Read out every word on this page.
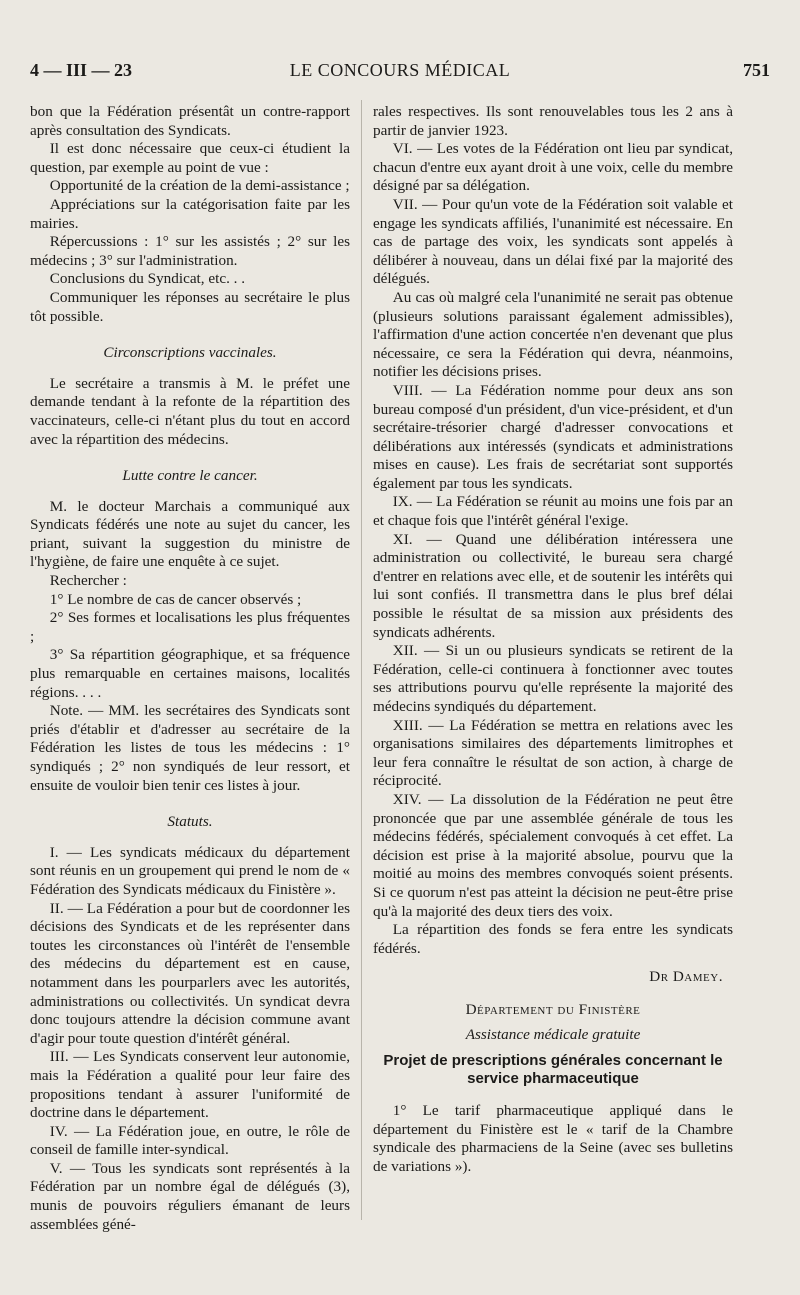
4 — III — 23	LE CONCOURS MÉDICAL	751

bon que la Fédération présentât un contre-rapport après consultation des Syndicats.

Il est donc nécessaire que ceux-ci étudient la question, par exemple au point de vue :

Opportunité de la création de la demi-assistance ;

Appréciations sur la catégorisation faite par les mairies.

Répercussions : 1° sur les assistés ; 2° sur les médecins ; 3° sur l'administration.

Conclusions du Syndicat, etc. . .

Communiquer les réponses au secrétaire le plus tôt possible.

Circonscriptions vaccinales.

Le secrétaire a transmis à M. le préfet une demande tendant à la refonte de la répartition des vaccinateurs, celle-ci n'étant plus du tout en accord avec la répartition des médecins.

Lutte contre le cancer.

M. le docteur Marchais a communiqué aux Syndicats fédérés une note au sujet du cancer, les priant, suivant la suggestion du ministre de l'hygiène, de faire une enquête à ce sujet.

Rechercher :

1° Le nombre de cas de cancer observés ;

2° Ses formes et localisations les plus fréquentes ;

3° Sa répartition géographique, et sa fréquence plus remarquable en certaines maisons, localités régions. . . .

Note. — MM. les secrétaires des Syndicats sont priés d'établir et d'adresser au secrétaire de la Fédération les listes de tous les médecins : 1° syndiqués ; 2° non syndiqués de leur ressort, et ensuite de vouloir bien tenir ces listes à jour.

Statuts.

I. — Les syndicats médicaux du département sont réunis en un groupement qui prend le nom de « Fédération des Syndicats médicaux du Finistère ».

II. — La Fédération a pour but de coordonner les décisions des Syndicats et de les représenter dans toutes les circonstances où l'intérêt de l'ensemble des médecins du département est en cause, notamment dans les pourparlers avec les autorités, administrations ou collectivités. Un syndicat devra donc toujours attendre la décision commune avant d'agir pour toute question d'intérêt général.

III. — Les Syndicats conservent leur autonomie, mais la Fédération a qualité pour leur faire des propositions tendant à assurer l'uniformité de doctrine dans le département.

IV. — La Fédération joue, en outre, le rôle de conseil de famille inter-syndical.

V. — Tous les syndicats sont représentés à la Fédération par un nombre égal de délégués (3), munis de pouvoirs réguliers émanant de leurs assemblées géné-

rales respectives. Ils sont renouvelables tous les 2 ans à partir de janvier 1923.

VI. — Les votes de la Fédération ont lieu par syndicat, chacun d'entre eux ayant droit à une voix, celle du membre désigné par sa délégation.

VII. — Pour qu'un vote de la Fédération soit valable et engage les syndicats affiliés, l'unanimité est nécessaire. En cas de partage des voix, les syndicats sont appelés à délibérer à nouveau, dans un délai fixé par la majorité des délégués.

Au cas où malgré cela l'unanimité ne serait pas obtenue (plusieurs solutions paraissant également admissibles), l'affirmation d'une action concertée n'en devenant que plus nécessaire, ce sera la Fédération qui devra, néanmoins, notifier les décisions prises.

VIII. — La Fédération nomme pour deux ans son bureau composé d'un président, d'un vice-président, et d'un secrétaire-trésorier chargé d'adresser convocations et délibérations aux intéressés (syndicats et administrations mises en cause). Les frais de secrétariat sont supportés également par tous les syndicats.

IX. — La Fédération se réunit au moins une fois par an et chaque fois que l'intérêt général l'exige.

XI. — Quand une délibération intéressera une administration ou collectivité, le bureau sera chargé d'entrer en relations avec elle, et de soutenir les intérêts qui lui sont confiés. Il transmettra dans le plus bref délai possible le résultat de sa mission aux présidents des syndicats adhérents.

XII. — Si un ou plusieurs syndicats se retirent de la Fédération, celle-ci continuera à fonctionner avec toutes ses attributions pourvu qu'elle représente la majorité des médecins syndiqués du département.

XIII. — La Fédération se mettra en relations avec les organisations similaires des départements limitrophes et leur fera connaître le résultat de son action, à charge de réciprocité.

XIV. — La dissolution de la Fédération ne peut être prononcée que par une assemblée générale de tous les médecins fédérés, spécialement convoqués à cet effet. La décision est prise à la majorité absolue, pourvu que la moitié au moins des membres convoqués soient présents. Si ce quorum n'est pas atteint la décision ne peut-être prise qu'à la majorité des deux tiers des voix.

La répartition des fonds se fera entre les syndicats fédérés.

Dr Damey.

Département du Finistère

Assistance médicale gratuite

Projet de prescriptions générales concernant le service pharmaceutique

1° Le tarif pharmaceutique appliqué dans le département du Finistère est le « tarif de la Chambre syndicale des pharmaciens de la Seine (avec ses bulletins de variations »).
